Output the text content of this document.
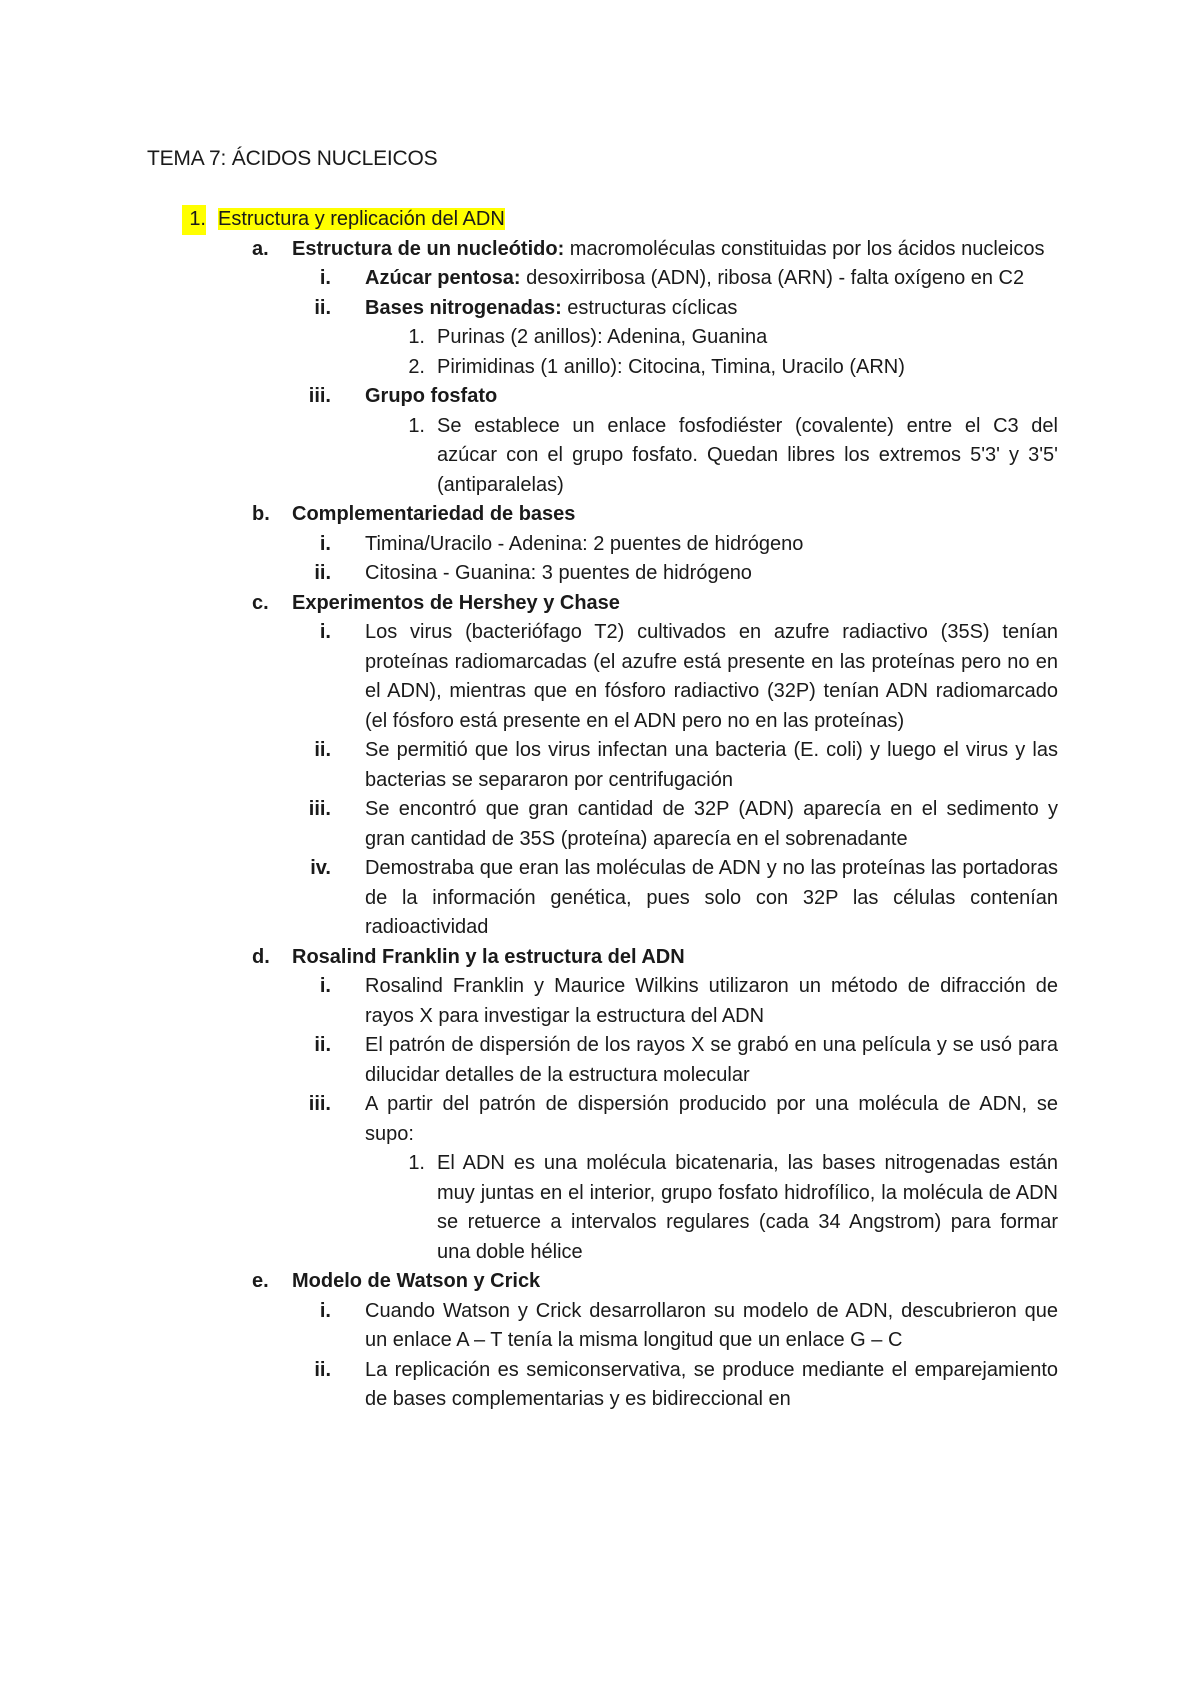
TEMA 7: ÁCIDOS NUCLEICOS
1. Estructura y replicación del ADN
a. Estructura de un nucleótido: macromoléculas constituidas por los ácidos nucleicos
i. Azúcar pentosa: desoxirribosa (ADN), ribosa (ARN) - falta oxígeno en C2
ii. Bases nitrogenadas: estructuras cíclicas
1. Purinas (2 anillos): Adenina, Guanina
2. Pirimidinas (1 anillo): Citocina, Timina, Uracilo (ARN)
iii. Grupo fosfato
1. Se establece un enlace fosfodiéster (covalente) entre el C3 del azúcar con el grupo fosfato. Quedan libres los extremos 5'3' y 3'5' (antiparalelas)
b. Complementariedad de bases
i. Timina/Uracilo - Adenina: 2 puentes de hidrógeno
ii. Citosina - Guanina: 3 puentes de hidrógeno
c. Experimentos de Hershey y Chase
i. Los virus (bacteriófago T2) cultivados en azufre radiactivo (35S) tenían proteínas radiomarcadas (el azufre está presente en las proteínas pero no en el ADN), mientras que en fósforo radiactivo (32P) tenían ADN radiomarcado (el fósforo está presente en el ADN pero no en las proteínas)
ii. Se permitió que los virus infectan una bacteria (E. coli) y luego el virus y las bacterias se separaron por centrifugación
iii. Se encontró que gran cantidad de 32P (ADN) aparecía en el sedimento y gran cantidad de 35S (proteína) aparecía en el sobrenadante
iv. Demostraba que eran las moléculas de ADN y no las proteínas las portadoras de la información genética, pues solo con 32P las células contenían radioactividad
d. Rosalind Franklin y la estructura del ADN
i. Rosalind Franklin y Maurice Wilkins utilizaron un método de difracción de rayos X para investigar la estructura del ADN
ii. El patrón de dispersión de los rayos X se grabó en una película y se usó para dilucidar detalles de la estructura molecular
iii. A partir del patrón de dispersión producido por una molécula de ADN, se supo:
1. El ADN es una molécula bicatenaria, las bases nitrogenadas están muy juntas en el interior, grupo fosfato hidrofílico, la molécula de ADN se retuerce a intervalos regulares (cada 34 Angstrom) para formar una doble hélice
e. Modelo de Watson y Crick
i. Cuando Watson y Crick desarrollaron su modelo de ADN, descubrieron que un enlace A – T tenía la misma longitud que un enlace G – C
ii. La replicación es semiconservativa, se produce mediante el emparejamiento de bases complementarias y es bidireccional en
